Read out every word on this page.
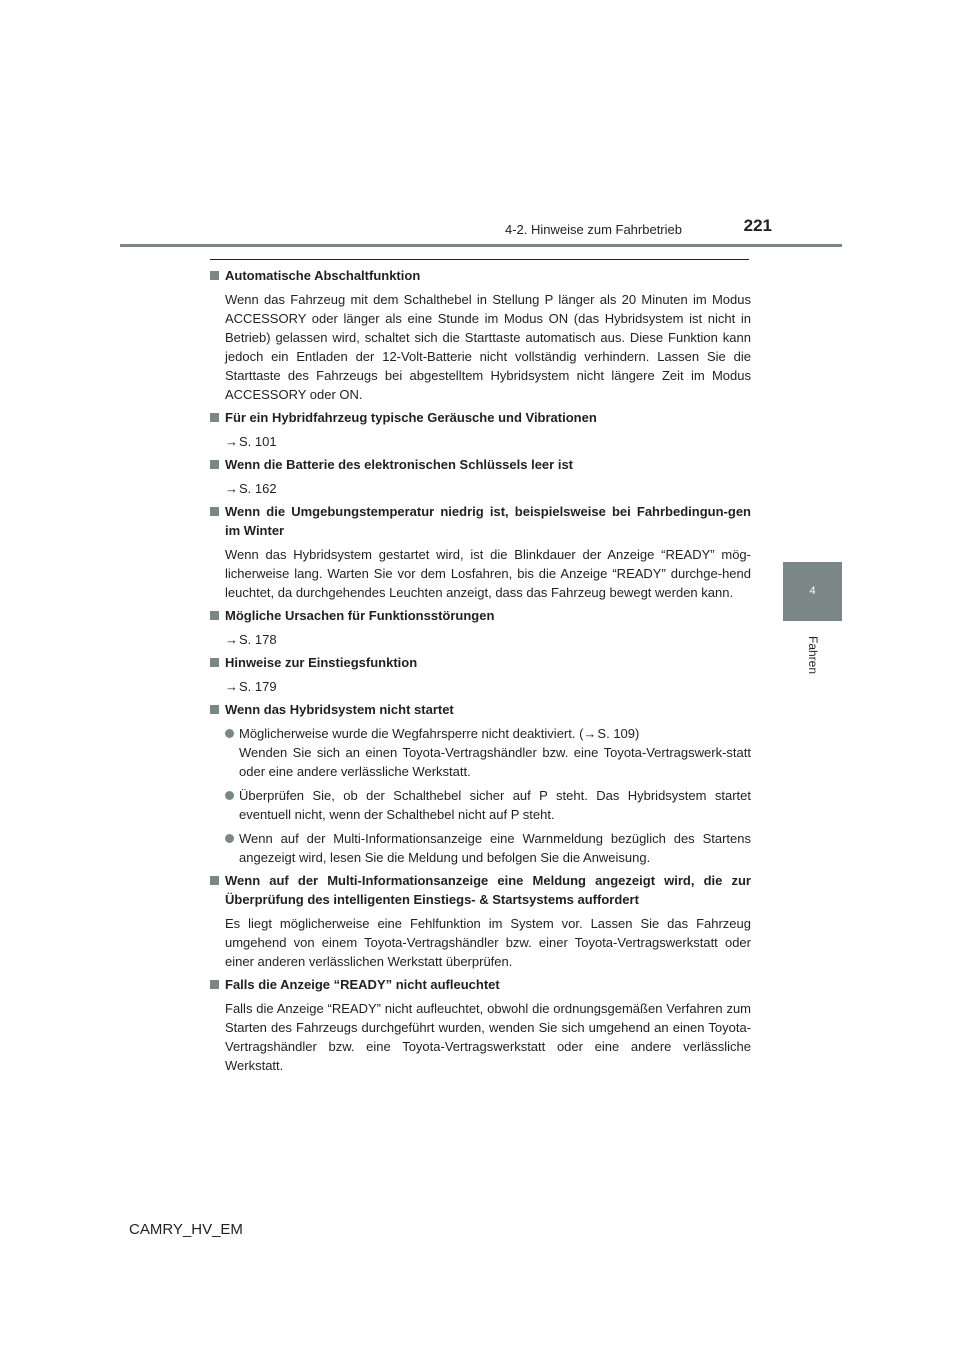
4-2. Hinweise zum Fahrbetrieb	221
4
Fahren
Automatische Abschaltfunktion
Wenn das Fahrzeug mit dem Schalthebel in Stellung P länger als 20 Minuten im Modus ACCESSORY oder länger als eine Stunde im Modus ON (das Hybridsystem ist nicht in Betrieb) gelassen wird, schaltet sich die Starttaste automatisch aus. Diese Funktion kann jedoch ein Entladen der 12-Volt-Batterie nicht vollständig verhindern. Lassen Sie die Starttaste des Fahrzeugs bei abgestelltem Hybridsystem nicht längere Zeit im Modus ACCESSORY oder ON.
Für ein Hybridfahrzeug typische Geräusche und Vibrationen
→S. 101
Wenn die Batterie des elektronischen Schlüssels leer ist
→S. 162
Wenn die Umgebungstemperatur niedrig ist, beispielsweise bei Fahrbedingun-gen im Winter
Wenn das Hybridsystem gestartet wird, ist die Blinkdauer der Anzeige “READY” mög-licherweise lang. Warten Sie vor dem Losfahren, bis die Anzeige “READY” durchge-hend leuchtet, da durchgehendes Leuchten anzeigt, dass das Fahrzeug bewegt werden kann.
Mögliche Ursachen für Funktionsstörungen
→S. 178
Hinweise zur Einstiegsfunktion
→S. 179
Wenn das Hybridsystem nicht startet
Möglicherweise wurde die Wegfahrsperre nicht deaktiviert. (→S. 109)
Wenden Sie sich an einen Toyota-Vertragshändler bzw. eine Toyota-Vertragswerk-statt oder eine andere verlässliche Werkstatt.
Überprüfen Sie, ob der Schalthebel sicher auf P steht. Das Hybridsystem startet eventuell nicht, wenn der Schalthebel nicht auf P steht.
Wenn auf der Multi-Informationsanzeige eine Warnmeldung bezüglich des Startens angezeigt wird, lesen Sie die Meldung und befolgen Sie die Anweisung.
Wenn auf der Multi-Informationsanzeige eine Meldung angezeigt wird, die zur Überprüfung des intelligenten Einstiegs- & Startsystems auffordert
Es liegt möglicherweise eine Fehlfunktion im System vor. Lassen Sie das Fahrzeug umgehend von einem Toyota-Vertragshändler bzw. einer Toyota-Vertragswerkstatt oder einer anderen verlässlichen Werkstatt überprüfen.
Falls die Anzeige “READY” nicht aufleuchtet
Falls die Anzeige “READY” nicht aufleuchtet, obwohl die ordnungsgemäßen Verfahren zum Starten des Fahrzeugs durchgeführt wurden, wenden Sie sich umgehend an einen Toyota-Vertragshändler bzw. eine Toyota-Vertragswerkstatt oder eine andere verlässliche Werkstatt.
CAMRY_HV_EM
